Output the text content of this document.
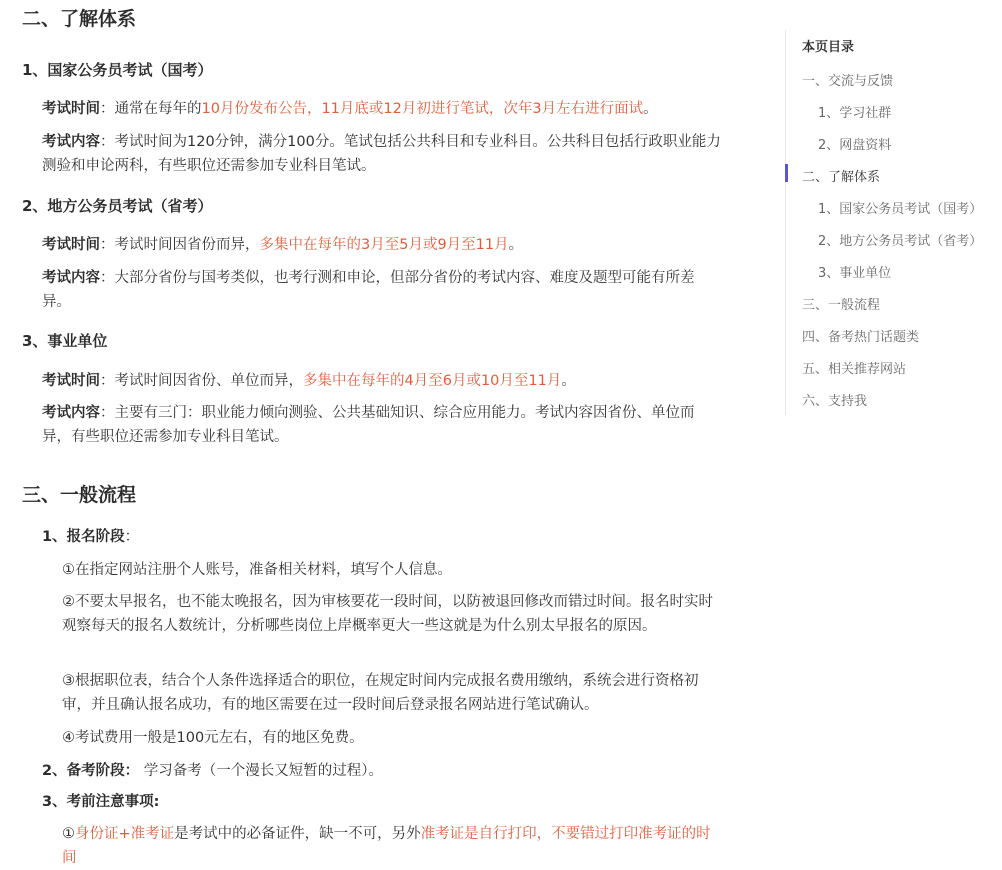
二、了解体系
1、国家公务员考试（国考）

考试时间：通常在每年的10月份发布公告，11月底或12月初进行笔试，次年3月左右进行面试。

考试内容：考试时间为120分钟，满分100分。笔试包括公共科目和专业科目。公共科目包括行政职业能力测验和申论两科，有些职位还需参加专业科目笔试。

2、地方公务员考试（省考）

考试时间：考试时间因省份而异，多集中在每年的3月至5月或9月至11月。

考试内容：大部分省份与国考类似，也考行测和申论，但部分省份的考试内容、难度及题型可能有所差异。

3、事业单位

考试时间：考试时间因省份、单位而异，多集中在每年的4月至6月或10月至11月。

考试内容：主要有三门：职业能力倾向测验、公共基础知识、综合应用能力。考试内容因省份、单位而异，有些职位还需参加专业科目笔试。

三、一般流程

1、报名阶段：

①在指定网站注册个人账号，准备相关材料，填写个人信息。

②不要太早报名，也不能太晚报名，因为审核要花一段时间，以防被退回修改而错过时间。报名时实时观察每天的报名人数统计，分析哪些岗位上岸概率更大一些这就是为什么别太早报名的原因。

③根据职位表，结合个人条件选择适合的职位，在规定时间内完成报名费用缴纳，系统会进行资格初审，并且确认报名成功，有的地区需要在过一段时间后登录报名网站进行笔试确认。

④考试费用一般是100元左右，有的地区免费。

2、备考阶段： 学习备考（一个漫长又短暂的过程）。

3、考前注意事项:

①身份证+准考证是考试中的必备证件，缺一不可，另外准考证是自行打印，不要错过打印准考证的时间

本页目录
一、交流与反馈
1、学习社群
2、网盘资料
二、了解体系
1、国家公务员考试（国考）
2、地方公务员考试（省考）
3、事业单位
三、一般流程
四、备考热门话题类
五、相关推荐网站
六、支持我
